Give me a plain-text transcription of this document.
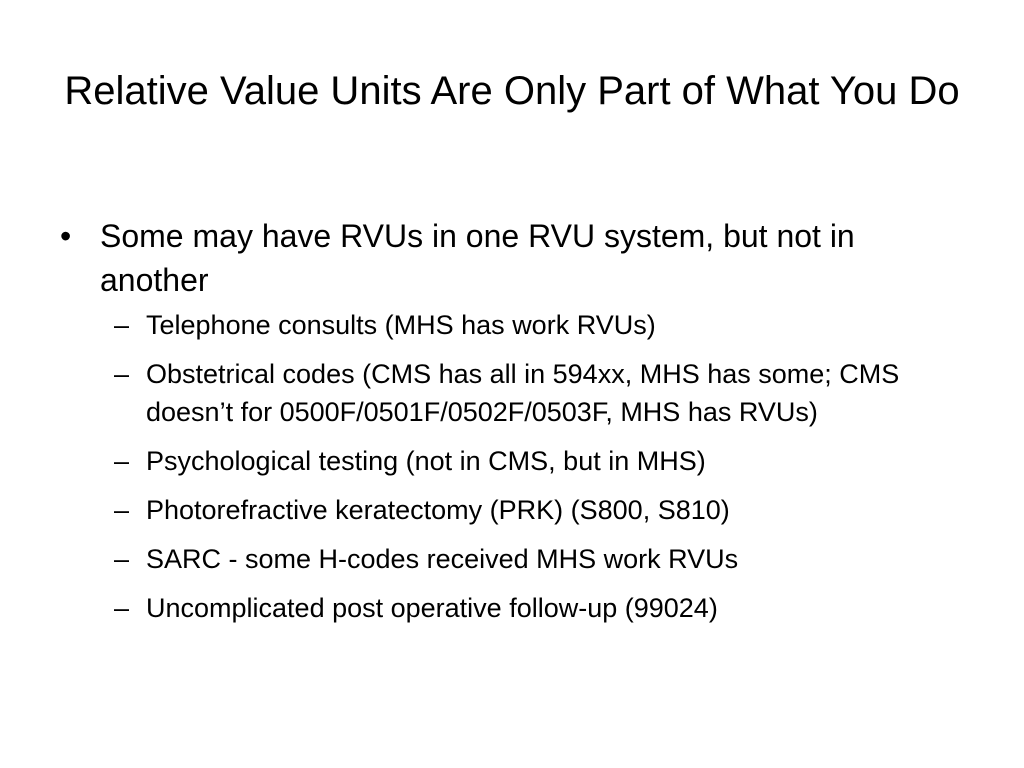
Relative Value Units Are Only Part of What You Do
• Some may have RVUs in one RVU system, but not in another
– Telephone consults (MHS has work RVUs)
– Obstetrical codes (CMS has all in 594xx, MHS has some; CMS doesn’t for 0500F/0501F/0502F/0503F, MHS has RVUs)
– Psychological testing (not in CMS, but in MHS)
– Photorefractive keratectomy (PRK) (S800, S810)
– SARC - some H-codes received MHS work RVUs
– Uncomplicated post operative follow-up (99024)
